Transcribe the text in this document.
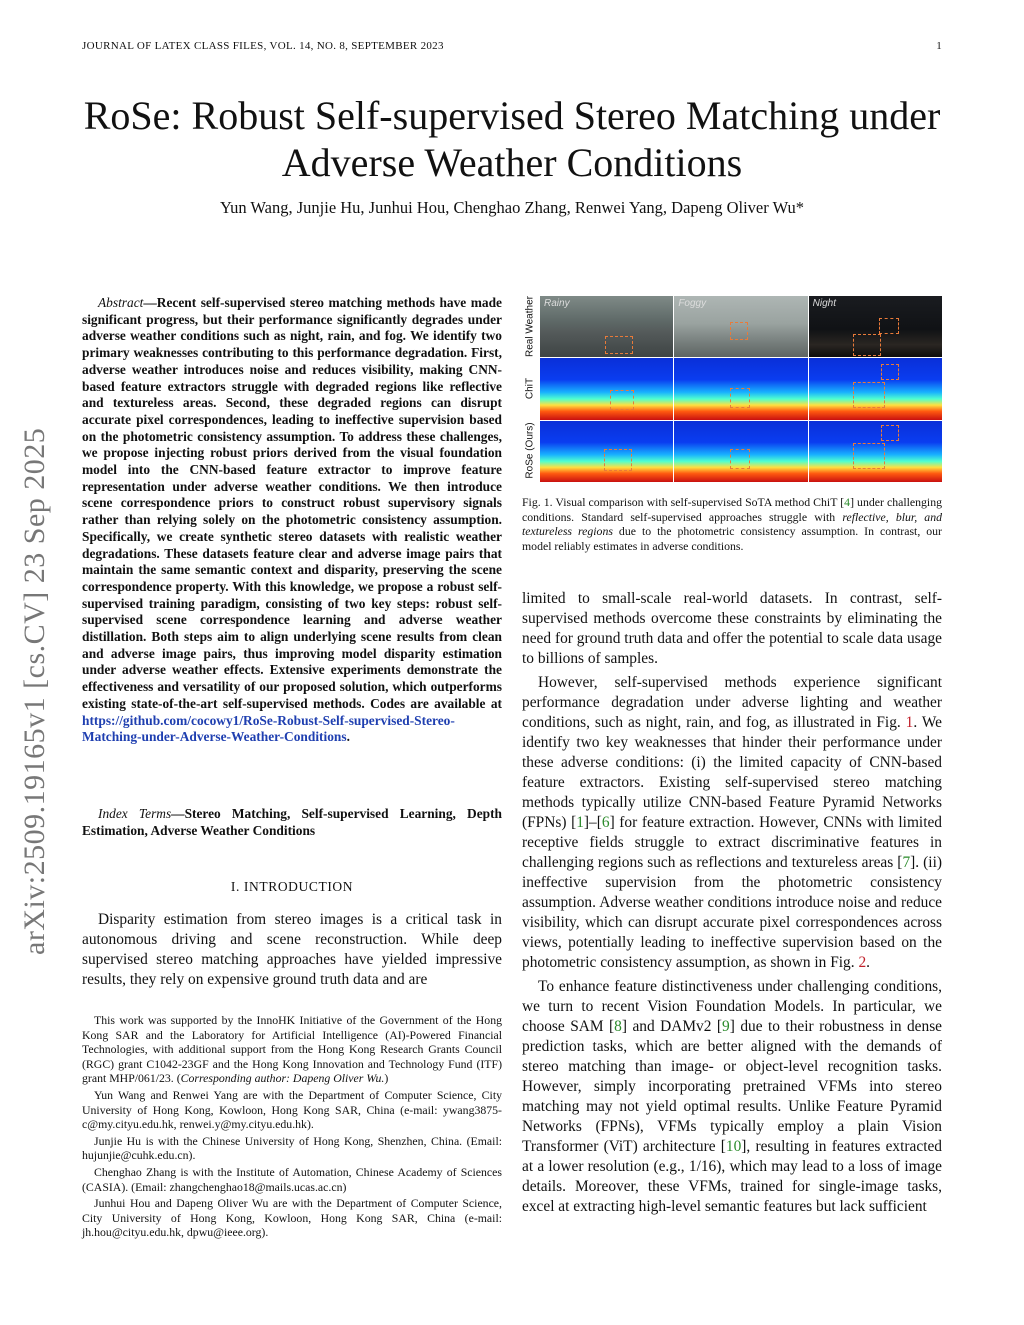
JOURNAL OF LATEX CLASS FILES, VOL. 14, NO. 8, SEPTEMBER 2023	1
arXiv:2509.19165v1 [cs.CV] 23 Sep 2025
RoSe: Robust Self-supervised Stereo Matching under Adverse Weather Conditions
Yun Wang, Junjie Hu, Junhui Hou, Chenghao Zhang, Renwei Yang, Dapeng Oliver Wu*
Abstract—Recent self-supervised stereo matching methods have made significant progress, but their performance significantly degrades under adverse weather conditions such as night, rain, and fog. We identify two primary weaknesses contributing to this performance degradation. First, adverse weather introduces noise and reduces visibility, making CNN-based feature extractors struggle with degraded regions like reflective and textureless areas. Second, these degraded regions can disrupt accurate pixel correspondences, leading to ineffective supervision based on the photometric consistency assumption. To address these challenges, we propose injecting robust priors derived from the visual foundation model into the CNN-based feature extractor to improve feature representation under adverse weather conditions. We then introduce scene correspondence priors to construct robust supervisory signals rather than relying solely on the photometric consistency assumption. Specifically, we create synthetic stereo datasets with realistic weather degradations. These datasets feature clear and adverse image pairs that maintain the same semantic context and disparity, preserving the scene correspondence property. With this knowledge, we propose a robust self-supervised training paradigm, consisting of two key steps: robust self-supervised scene correspondence learning and adverse weather distillation. Both steps aim to align underlying scene results from clean and adverse image pairs, thus improving model disparity estimation under adverse weather effects. Extensive experiments demonstrate the effectiveness and versatility of our proposed solution, which outperforms existing state-of-the-art self-supervised methods. Codes are available at https://github.com/cocowy1/RoSe-Robust-Self-supervised-Stereo-Matching-under-Adverse-Weather-Conditions.
Index Terms—Stereo Matching, Self-supervised Learning, Depth Estimation, Adverse Weather Conditions
I. INTRODUCTION

Disparity estimation from stereo images is a critical task in autonomous driving and scene reconstruction. While deep supervised stereo matching approaches have yielded impressive results, they rely on expensive ground truth data and are

This work was supported by the InnoHK Initiative of the Government of the Hong Kong SAR and the Laboratory for Artificial Intelligence (AI)-Powered Financial Technologies, with additional support from the Hong Kong Research Grants Council (RGC) grant C1042-23GF and the Hong Kong Innovation and Technology Fund (ITF) grant MHP/061/23. (Corresponding author: Dapeng Oliver Wu.)

Yun Wang and Renwei Yang are with the Department of Computer Science, City University of Hong Kong, Kowloon, Hong Kong SAR, China (e-mail: ywang3875-c@my.cityu.edu.hk, renwei.y@my.cityu.edu.hk).

Junjie Hu is with the Chinese University of Hong Kong, Shenzhen, China. (Email: hujunjie@cuhk.edu.cn).

Chenghao Zhang is with the Institute of Automation, Chinese Academy of Sciences (CASIA). (Email: zhangchenghao18@mails.ucas.ac.cn)

Junhui Hou and Dapeng Oliver Wu are with the Department of Computer Science, City University of Hong Kong, Kowloon, Hong Kong SAR, China (e-mail: jh.hou@cityu.edu.hk, dpwu@ieee.org).

Real Weather
ChiT
RoSe (Ours)
Rainy	Foggy	Night
Fig. 1. Visual comparison with self-supervised SoTA method ChiT [4] under challenging conditions. Standard self-supervised approaches struggle with reflective, blur, and textureless regions due to the photometric consistency assumption. In contrast, our model reliably estimates in adverse conditions.

limited to small-scale real-world datasets. In contrast, self-supervised methods overcome these constraints by eliminating the need for ground truth data and offer the potential to scale data usage to billions of samples.

However, self-supervised methods experience significant performance degradation under adverse lighting and weather conditions, such as night, rain, and fog, as illustrated in Fig. 1. We identify two key weaknesses that hinder their performance under these adverse conditions: (i) the limited capacity of CNN-based feature extractors. Existing self-supervised stereo matching methods typically utilize CNN-based Feature Pyramid Networks (FPNs) [1]–[6] for feature extraction. However, CNNs with limited receptive fields struggle to extract discriminative features in challenging regions such as reflections and textureless areas [7]. (ii) ineffective supervision from the photometric consistency assumption. Adverse weather conditions introduce noise and reduce visibility, which can disrupt accurate pixel correspondences across views, potentially leading to ineffective supervision based on the photometric consistency assumption, as shown in Fig. 2.

To enhance feature distinctiveness under challenging conditions, we turn to recent Vision Foundation Models. In particular, we choose SAM [8] and DAMv2 [9] due to their robustness in dense prediction tasks, which are better aligned with the demands of stereo matching than image- or object-level recognition tasks. However, simply incorporating pretrained VFMs into stereo matching may not yield optimal results. Unlike Feature Pyramid Networks (FPNs), VFMs typically employ a plain Vision Transformer (ViT) architecture [10], resulting in features extracted at a lower resolution (e.g., 1/16), which may lead to a loss of image details. Moreover, these VFMs, trained for single-image tasks, excel at extracting high-level semantic features but lack sufficient
